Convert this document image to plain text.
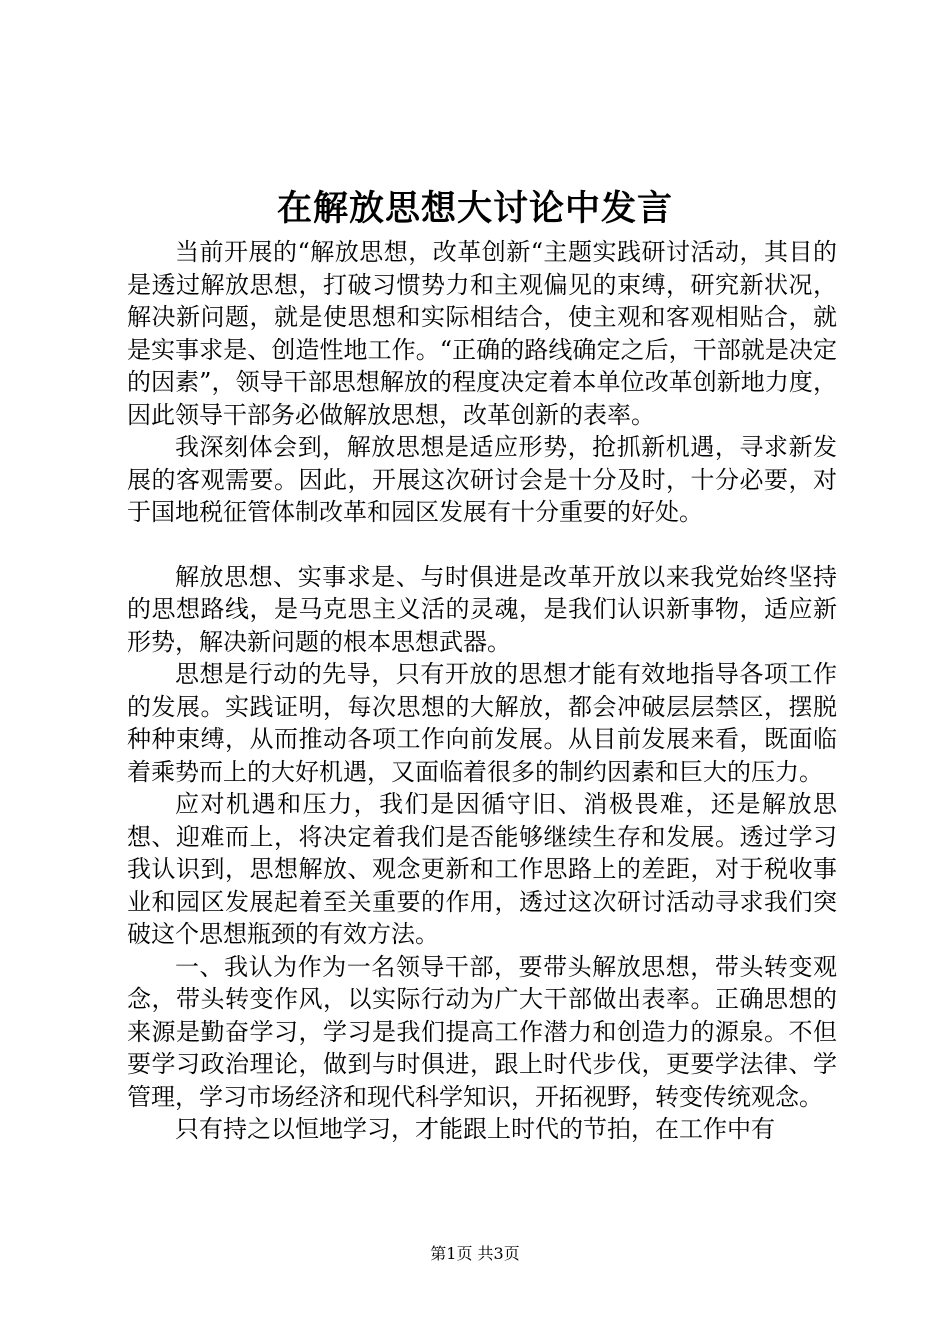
在解放思想大讨论中发言

当前开展的“解放思想，改革创新“主题实践研讨活动，其目的是透过解放思想，打破习惯势力和主观偏见的束缚，研究新状况，解决新问题，就是使思想和实际相结合，使主观和客观相贴合，就是实事求是、创造性地工作。“正确的路线确定之后，干部就是决定的因素”，领导干部思想解放的程度决定着本单位改革创新地力度，因此领导干部务必做解放思想，改革创新的表率。

我深刻体会到，解放思想是适应形势，抢抓新机遇，寻求新发展的客观需要。因此，开展这次研讨会是十分及时，十分必要，对于国地税征管体制改革和园区发展有十分重要的好处。

解放思想、实事求是、与时俱进是改革开放以来我党始终坚持的思想路线，是马克思主义活的灵魂，是我们认识新事物，适应新形势，解决新问题的根本思想武器。

思想是行动的先导，只有开放的思想才能有效地指导各项工作的发展。实践证明，每次思想的大解放，都会冲破层层禁区，摆脱种种束缚，从而推动各项工作向前发展。从目前发展来看，既面临着乘势而上的大好机遇，又面临着很多的制约因素和巨大的压力。

应对机遇和压力，我们是因循守旧、消极畏难，还是解放思想、迎难而上，将决定着我们是否能够继续生存和发展。透过学习我认识到，思想解放、观念更新和工作思路上的差距，对于税收事业和园区发展起着至关重要的作用，透过这次研讨活动寻求我们突破这个思想瓶颈的有效方法。

一、我认为作为一名领导干部，要带头解放思想，带头转变观念，带头转变作风，以实际行动为广大干部做出表率。正确思想的来源是勤奋学习，学习是我们提高工作潜力和创造力的源泉。不但要学习政治理论，做到与时俱进，跟上时代步伐，更要学法律、学管理，学习市场经济和现代科学知识，开拓视野，转变传统观念。

只有持之以恒地学习，才能跟上时代的节拍，在工作中有

第1页 共3页
